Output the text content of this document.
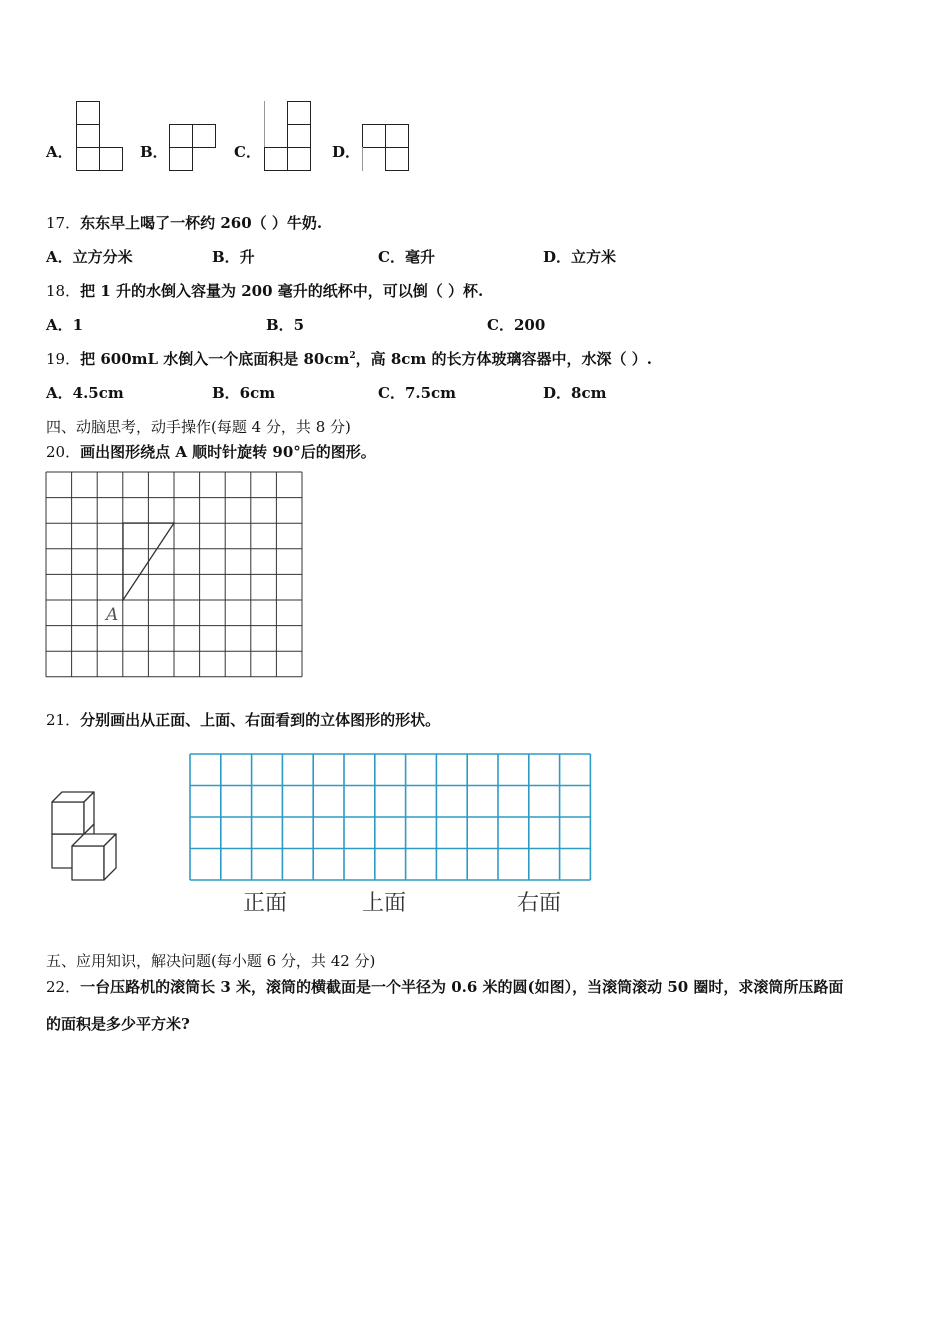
A．	B．	C．	D．
17．东东早上喝了一杯约 260（ ）牛奶.
A．立方分米	B．升	C．毫升	D．立方米
18．把 1 升的水倒入容量为 200 毫升的纸杯中，可以倒（ ）杯.
A．1	B．5	C．200
19．把 600mL 水倒入一个底面积是 $80cm^2$，高 8cm 的长方体玻璃容器中，水深（ ）.
A．4.5cm	B．6cm	C．7.5cm	D．8cm
四、动脑思考，动手操作(每题 4 分，共 8 分)
20．画出图形绕点 A 顺时针旋转 90°后的图形。
A
21．分别画出从正面、上面、右面看到的立体图形的形状。
正面	上面	右面
五、应用知识，解决问题(每小题 6 分，共 42 分)
22．一台压路机的滚筒长 3 米，滚筒的横截面是一个半径为 0.6 米的圆(如图），当滚筒滚动 50 圈时，求滚筒所压路面
的面积是多少平方米?
